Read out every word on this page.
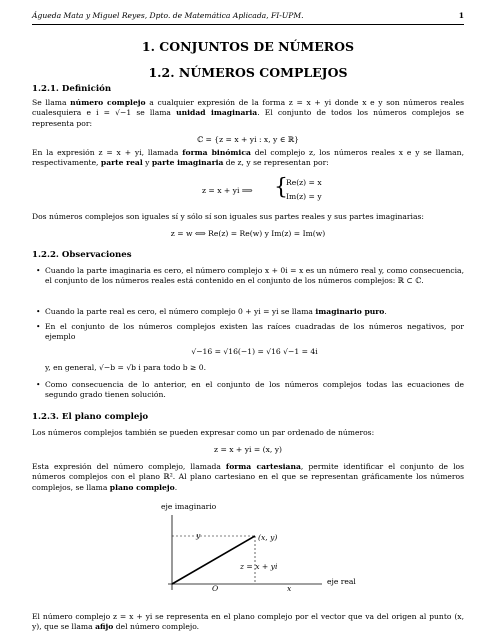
Águeda Mata y Miguel Reyes, Dpto. de Matemática Aplicada, FI-UPM.	1
1. CONJUNTOS DE NÚMEROS
1.2. NÚMEROS COMPLEJOS
1.2.1. Definición
Se llama número complejo a cualquier expresión de la forma z = x + yi donde x e y son números reales cualesquiera e i = √−1 se llama unidad imaginaria. El conjunto de todos los números complejos se representa por:
ℂ = {z = x + yi : x, y ∈ ℝ}
En la expresión z = x + yi, llamada forma binómica del complejo z, los números reales x e y se llaman, respectivamente, parte real y parte imaginaria de z, y se representan por:
z = x + yi ⟹ {
Re(z) = x
Im(z) = y
Dos números complejos son iguales sí y sólo sí son iguales sus partes reales y sus partes imaginarias:
z = w ⟺ Re(z) = Re(w) y Im(z) = Im(w)
1.2.2. Observaciones
• Cuando la parte imaginaria es cero, el número complejo x + 0i = x es un número real y, como consecuencia, el conjunto de los números reales está contenido en el conjunto de los números complejos: ℝ ⊂ ℂ.
• Cuando la parte real es cero, el número complejo 0 + yi = yi se llama imaginario puro.
• En el conjunto de los números complejos existen las raíces cuadradas de los números negativos, por ejemplo
√−16 = √16(−1) = √16 √−1 = 4i
y, en general, √−b = √b i para todo b ≥ 0.
• Como consecuencia de lo anterior, en el conjunto de los números complejos todas las ecuaciones de segundo grado tienen solución.
1.2.3. El plano complejo
Los números complejos también se pueden expresar como un par ordenado de números:
z = x + yi = (x, y)
Esta expresión del número complejo, llamada forma cartesiana, permite identificar el conjunto de los números complejos con el plano ℝ². Al plano cartesiano en el que se representan gráficamente los números complejos, se llama plano complejo.
eje imaginario
y	(x, y)
z = x + yi
O	x
eje real
El número complejo z = x + yi se representa en el plano complejo por el vector que va del origen al punto (x, y), que se llama afijo del número complejo.
